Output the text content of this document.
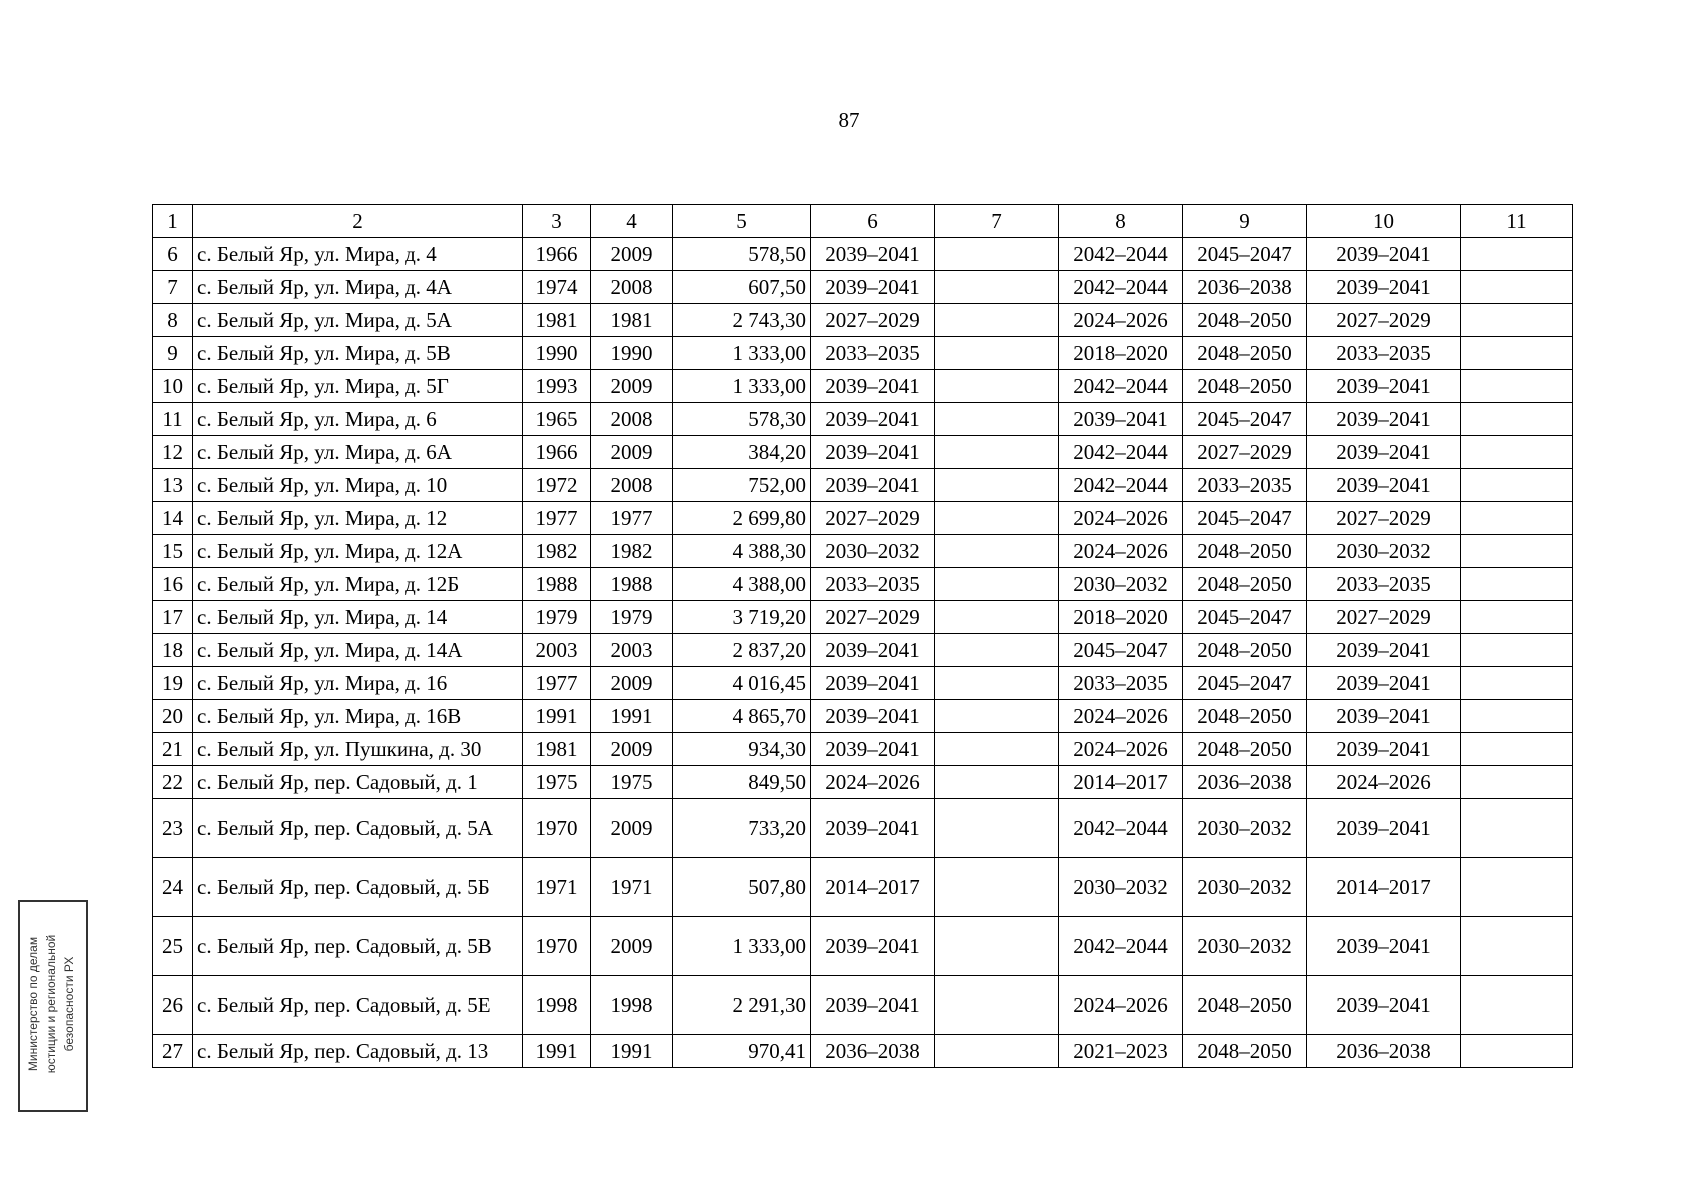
87
1	2	3	4	5	6	7	8	9	10	11
6	с. Белый Яр, ул. Мира, д. 4	1966	2009	578,50	2039–2041		2042–2044	2045–2047	2039–2041	
7	с. Белый Яр, ул. Мира, д. 4А	1974	2008	607,50	2039–2041		2042–2044	2036–2038	2039–2041	
8	с. Белый Яр, ул. Мира, д. 5А	1981	1981	2 743,30	2027–2029		2024–2026	2048–2050	2027–2029	
9	с. Белый Яр, ул. Мира, д. 5В	1990	1990	1 333,00	2033–2035		2018–2020	2048–2050	2033–2035	
10	с. Белый Яр, ул. Мира, д. 5Г	1993	2009	1 333,00	2039–2041		2042–2044	2048–2050	2039–2041	
11	с. Белый Яр, ул. Мира, д. 6	1965	2008	578,30	2039–2041		2039–2041	2045–2047	2039–2041	
12	с. Белый Яр, ул. Мира, д. 6А	1966	2009	384,20	2039–2041		2042–2044	2027–2029	2039–2041	
13	с. Белый Яр, ул. Мира, д. 10	1972	2008	752,00	2039–2041		2042–2044	2033–2035	2039–2041	
14	с. Белый Яр, ул. Мира, д. 12	1977	1977	2 699,80	2027–2029		2024–2026	2045–2047	2027–2029	
15	с. Белый Яр, ул. Мира, д. 12А	1982	1982	4 388,30	2030–2032		2024–2026	2048–2050	2030–2032	
16	с. Белый Яр, ул. Мира, д. 12Б	1988	1988	4 388,00	2033–2035		2030–2032	2048–2050	2033–2035	
17	с. Белый Яр, ул. Мира, д. 14	1979	1979	3 719,20	2027–2029		2018–2020	2045–2047	2027–2029	
18	с. Белый Яр, ул. Мира, д. 14А	2003	2003	2 837,20	2039–2041		2045–2047	2048–2050	2039–2041	
19	с. Белый Яр, ул. Мира, д. 16	1977	2009	4 016,45	2039–2041		2033–2035	2045–2047	2039–2041	
20	с. Белый Яр, ул. Мира, д. 16В	1991	1991	4 865,70	2039–2041		2024–2026	2048–2050	2039–2041	
21	с. Белый Яр, ул. Пушкина, д. 30	1981	2009	934,30	2039–2041		2024–2026	2048–2050	2039–2041	
22	с. Белый Яр, пер. Садовый, д. 1	1975	1975	849,50	2024–2026		2014–2017	2036–2038	2024–2026	
23	с. Белый Яр, пер. Садовый, д. 5А	1970	2009	733,20	2039–2041		2042–2044	2030–2032	2039–2041	
24	с. Белый Яр, пер. Садовый, д. 5Б	1971	1971	507,80	2014–2017		2030–2032	2030–2032	2014–2017	
25	с. Белый Яр, пер. Садовый, д. 5В	1970	2009	1 333,00	2039–2041		2042–2044	2030–2032	2039–2041	
26	с. Белый Яр, пер. Садовый, д. 5Е	1998	1998	2 291,30	2039–2041		2024–2026	2048–2050	2039–2041	
27	с. Белый Яр, пер. Садовый, д. 13	1991	1991	970,41	2036–2038		2021–2023	2048–2050	2036–2038	
Министерство по делам юстиции и региональной безопасности РХ
